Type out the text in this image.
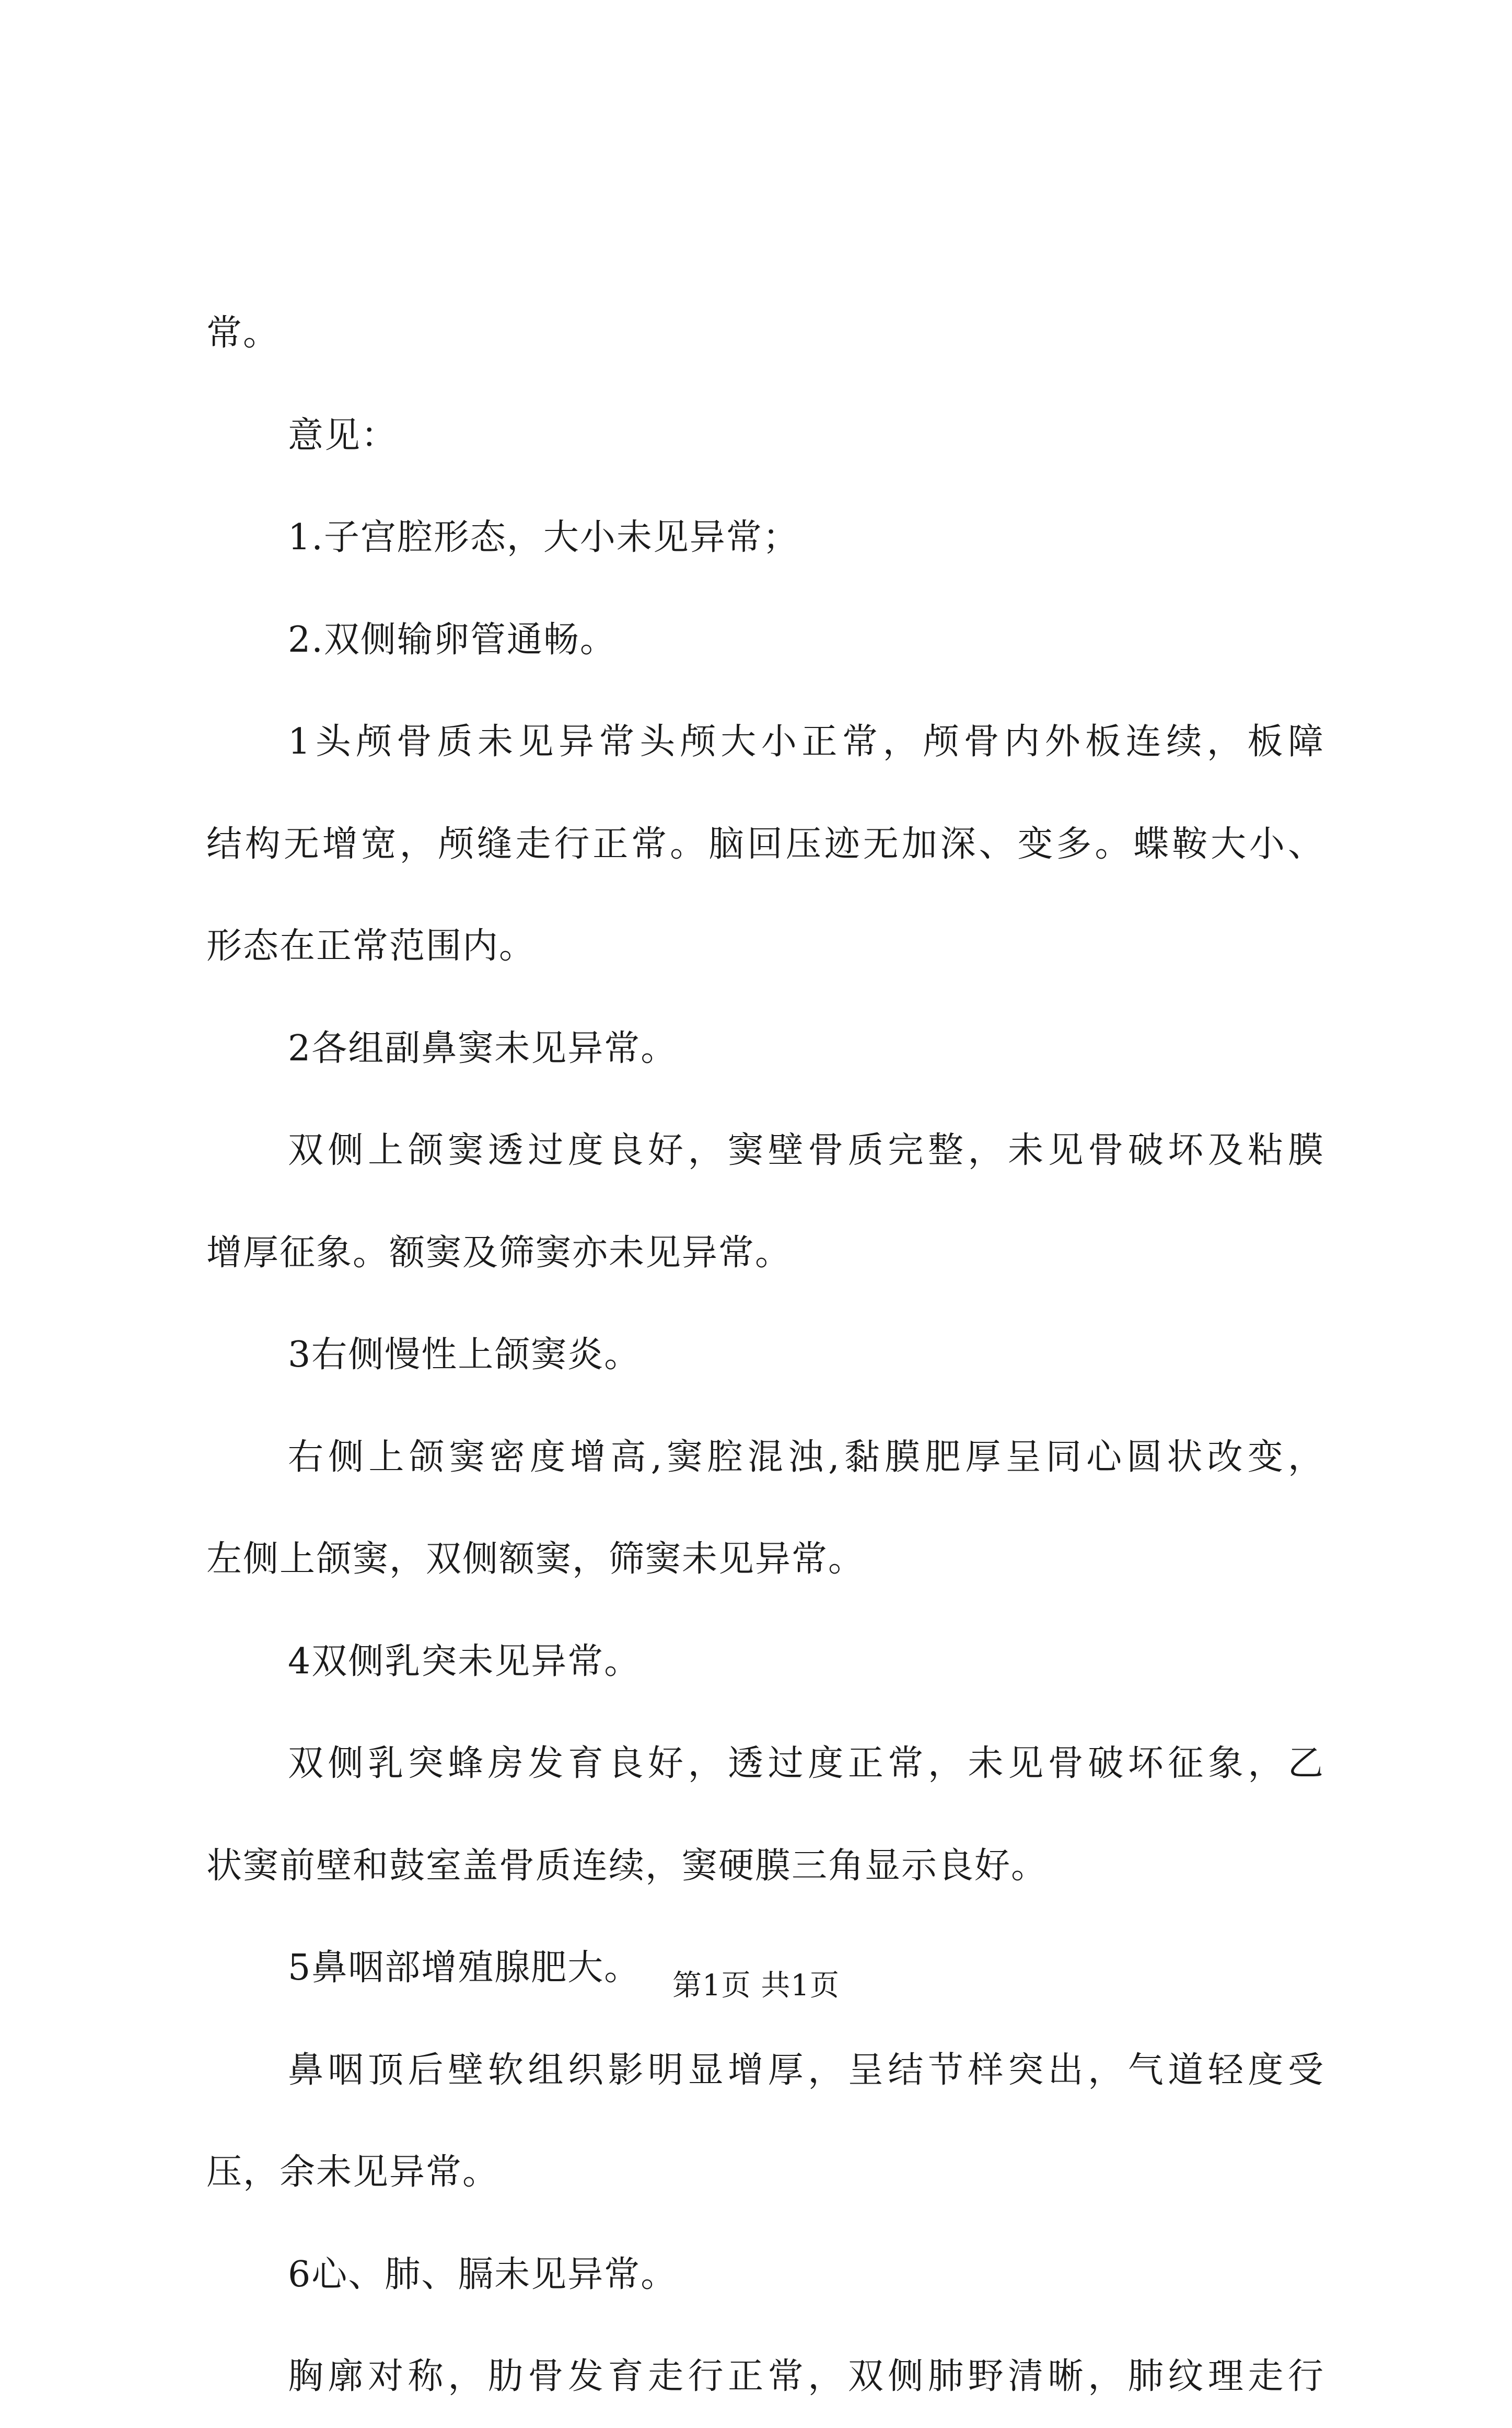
常。
意见：
1.子宫腔形态，大小未见异常；
2.双侧输卵管通畅。
1头颅骨质未见异常头颅大小正常，颅骨内外板连续，板障
结构无增宽，颅缝走行正常。脑回压迹无加深、变多。蝶鞍大小、
形态在正常范围内。
2各组副鼻窦未见异常。
双侧上颌窦透过度良好，窦壁骨质完整，未见骨破坏及粘膜
增厚征象。额窦及筛窦亦未见异常。
3右侧慢性上颌窦炎。
右侧上颌窦密度增高,窦腔混浊,黏膜肥厚呈同心圆状改变，
左侧上颌窦，双侧额窦，筛窦未见异常。
4双侧乳突未见异常。
双侧乳突蜂房发育良好，透过度正常，未见骨破坏征象，乙
状窦前壁和鼓室盖骨质连续，窦硬膜三角显示良好。
5鼻咽部增殖腺肥大。
鼻咽顶后壁软组织影明显增厚，呈结节样突出，气道轻度受
压，余未见异常。
6心、肺、膈未见异常。
胸廓对称，肋骨发育走行正常，双侧肺野清晰，肺纹理走行
第1页 共1页
